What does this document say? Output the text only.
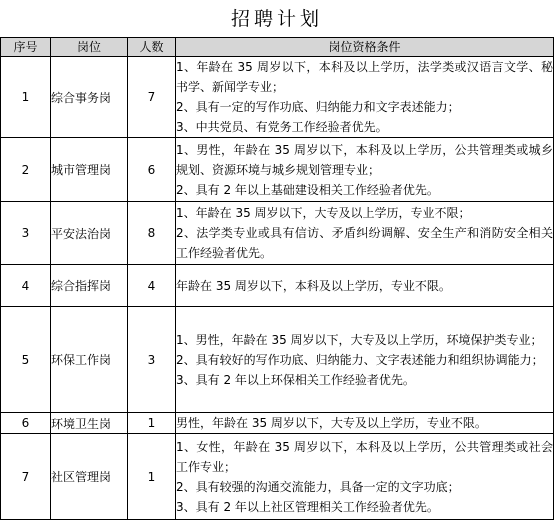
招聘计划
序号	岗位	人数	岗位资格条件
1	综合事务岗	7	1、年龄在 35 周岁以下，本科及以上学历，法学类或汉语言文学、秘书学、新闻学专业；
2、具有一定的写作功底、归纳能力和文字表述能力；
3、中共党员、有党务工作经验者优先。

2	城市管理岗	6	1、男性，年龄在 35 周岁以下，本科及以上学历，公共管理类或城乡规划、资源环境与城乡规划管理专业；
2、具有 2 年以上基础建设相关工作经验者优先。

3	平安法治岗	8	1、年龄在 35 周岁以下，大专及以上学历，专业不限；
2、法学类专业或具有信访、矛盾纠纷调解、安全生产和消防安全相关工作经验者优先。

4	综合指挥岗	4	年龄在 35 周岁以下，本科及以上学历，专业不限。

5	环保工作岗	3	1、男性，年龄在 35 周岁以下，大专及以上学历，环境保护类专业；
2、具有较好的写作功底、归纳能力、文字表述能力和组织协调能力；
3、具有 2 年以上环保相关工作经验者优先。

6	环境卫生岗	1	男性，年龄在 35 周岁以下，大专及以上学历，专业不限。

7	社区管理岗	1	1、女性，年龄在 35 周岁以下，本科及以上学历，公共管理类或社会工作专业；
2、具有较强的沟通交流能力，具备一定的文字功底；
3、具有 2 年以上社区管理相关工作经验者优先。
